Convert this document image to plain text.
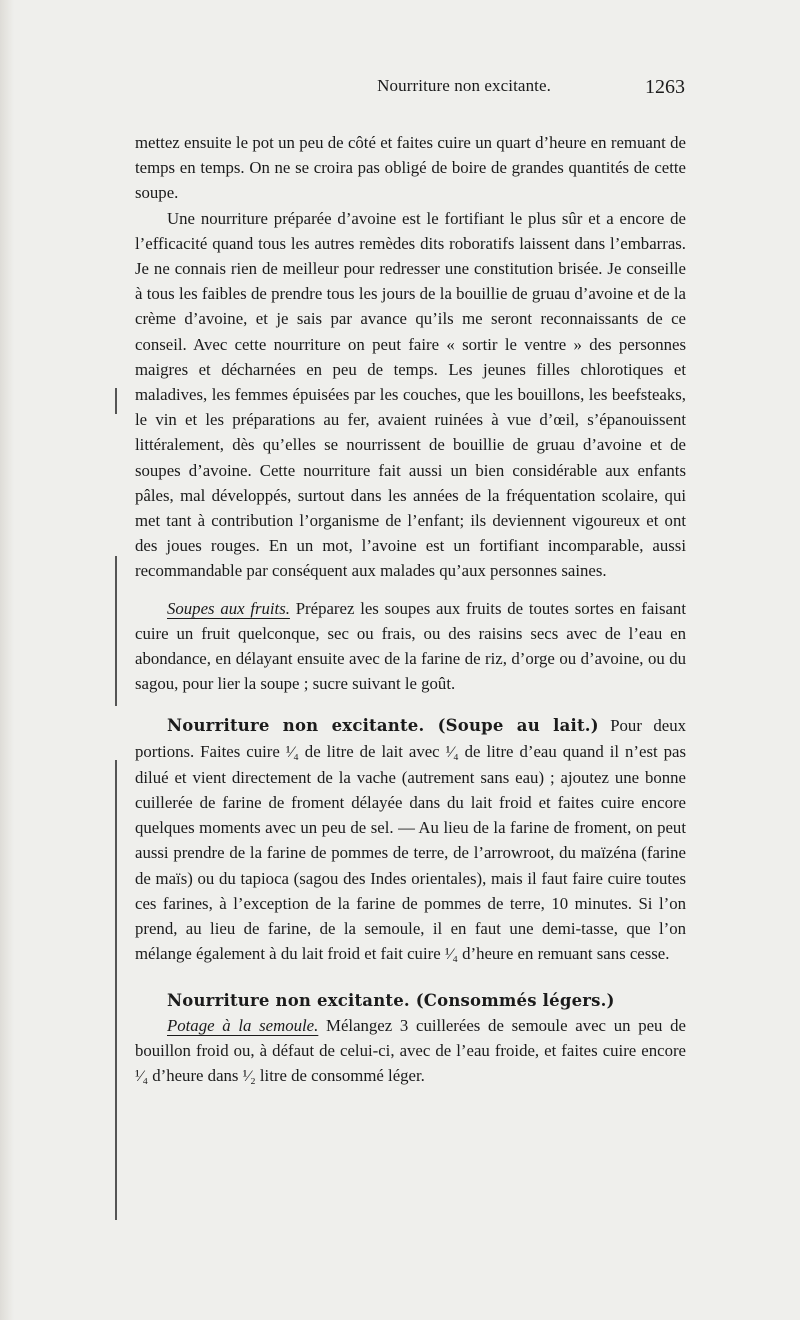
Nourriture non excitante.	1263

mettez ensuite le pot un peu de côté et faites cuire un quart d’heure en remuant de temps en temps. On ne se croira pas obligé de boire de grandes quantités de cette soupe.

Une nourriture préparée d’avoine est le fortifiant le plus sûr et a encore de l’efficacité quand tous les autres remèdes dits roboratifs laissent dans l’embarras. Je ne connais rien de meilleur pour redresser une constitution brisée. Je conseille à tous les faibles de prendre tous les jours de la bouillie de gruau d’avoine et de la crème d’avoine, et je sais par avance qu’ils me seront reconnaissants de ce conseil. Avec cette nourriture on peut faire « sortir le ventre » des personnes maigres et décharnées en peu de temps. Les jeunes filles chlorotiques et maladives, les femmes épuisées par les couches, que les bouillons, les beefsteaks, le vin et les préparations au fer, avaient ruinées à vue d’œil, s’épanouissent littéralement, dès qu’elles se nourrissent de bouillie de gruau d’avoine et de soupes d’avoine. Cette nourriture fait aussi un bien considérable aux enfants pâles, mal développés, surtout dans les années de la fréquentation scolaire, qui met tant à contribution l’organisme de l’enfant; ils deviennent vigoureux et ont des joues rouges. En un mot, l’avoine est un fortifiant incomparable, aussi recommandable par conséquent aux malades qu’aux personnes saines.

Soupes aux fruits. Préparez les soupes aux fruits de toutes sortes en faisant cuire un fruit quelconque, sec ou frais, ou des raisins secs avec de l’eau en abondance, en délayant ensuite avec de la farine de riz, d’orge ou d’avoine, ou du sagou, pour lier la soupe ; sucre suivant le goût.

Nourriture non excitante. (Soupe au lait.) Pour deux portions. Faites cuire ¹⁄₄ de litre de lait avec ¹⁄₄ de litre d’eau quand il n’est pas dilué et vient directement de la vache (autrement sans eau) ; ajoutez une bonne cuillerée de farine de froment délayée dans du lait froid et faites cuire encore quelques moments avec un peu de sel. — Au lieu de la farine de froment, on peut aussi prendre de la farine de pommes de terre, de l’arrowroot, du maïzéna (farine de maïs) ou du tapioca (sagou des Indes orientales), mais il faut faire cuire toutes ces farines, à l’exception de la farine de pommes de terre, 10 minutes. Si l’on prend, au lieu de farine, de la semoule, il en faut une demi-tasse, que l’on mélange également à du lait froid et fait cuire ¹⁄₄ d’heure en remuant sans cesse.

Nourriture non excitante. (Consommés légers.)

Potage à la semoule. Mélangez 3 cuillerées de semoule avec un peu de bouillon froid ou, à défaut de celui-ci, avec de l’eau froide, et faites cuire encore ¹⁄₄ d’heure dans ¹⁄₂ litre de consommé léger.
